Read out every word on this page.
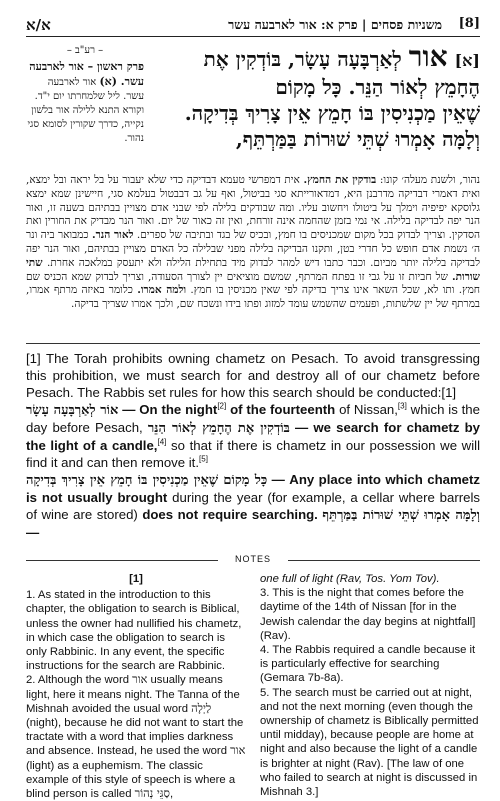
א/א	משניות פסחים | פרק א: אור לארבעה עשר [8]
– רע"ב –
פרק ראשון – אור לארבעה עשר. (א) אור לארבעה עשר. ליל שלמחרתו יום י"ד. וקורא התנא ללילה אור בלשון נקייה, כדרך שקורין לסומא סגי נהור.
[א] אור לְאַרְבָּעָה עָשָׂר, בּוֹדְקִין אֶת
הֶחָמֵץ לְאוֹר הַנֵּר. כָּל מָקוֹם
שֶׁאֵין מַכְנִיסִין בּוֹ חָמֵץ אֵין צָרִיךְ בְּדִיקָה.
וְלָמָּה אָמְרוּ שְׁתֵּי שׁוּרוֹת בַּמַּרְתֵּף,
נהור, ולשנת מעלה׳ קונו: בודקין את החמץ. אית דמפרשי טעמא דבדיקה כדי שלא יעבור על בל יראה ובל ימצא, ואית דאמרי דבדיקה מדרבנן היא, דמדאורייתא סגי בביטול, ואף על גב דבבטול בעלמא סגי, חיישינן שמא ימצא גלוסקא יפיפיה וימלך על ביטולו ויחשוב עליו. ומה שבודקים בלילה לפי שבני אדם מצויין בבתיהם בשעה זו, ואור הנר יפה לבדיקה בלילה. אי נמי בזמן שהחמה אינה זורחת, ואין זה כאור של יום. ואור הנר מבדיק את החורין ואת הסדקין. וצריך לבדוק בכל מקום שמכניסים בו חמץ, ובכיס של בגד ובתיבה של ספרים. לאור הנר. כמבואר ביה ונר ה׳ נשמת אדם חופש כל חדרי בטן, ותקנו הבדיקה בלילה מפני שבלילה כל האדם מצויין בבתיהם, ואור הנר יפה לבדיקה בלילה יותר מביום. וכבר כתבו דיש למהר לבדוק מיד בתחילת הלילה ולא יתעסק במלאכה אחרת. שתי שורות. של חביות זו על גבי זו בפתח המרתף, שמשם מוציאים יין לצורך הסעודה, וצריך לבדוק שמא הכניס שם חמץ. ותו לא, שכל השאר אינו צריך בדיקה לפי שאין מכניסין בו חמץ. ולמה אמרו. כלומר באיזה מרתף אמרו, במרתף של יין שלשתות, ופעמים שהשמש עומד למזוג ופתו בידו ונשכח שם, ולכך אמרו שצריך בדיקה.

[1] The Torah prohibits owning chametz on Pesach. To avoid transgressing this prohibition, we must search for and destroy all of our chametz before Pesach. The Rabbis set rules for how this search should be conducted:[1]

אוֹר לְאַרְבָּעָה עָשָׂר — On the night[2] of the fourteenth of Nissan,[3] which is the day before Pesach, בּוֹדְקִין אֶת הֶחָמֵץ לְאוֹר הַנֵּר — we search for chametz by the light of a candle,[4] so that if there is chametz in our possession we will find it and can then remove it.[5]

כָּל מָקוֹם שֶׁאֵין מַכְנִיסִין בּוֹ חָמֵץ אֵין צָרִיךְ בְּדִיקָה — Any place into which chametz is not usually brought during the year (for example, a cellar where barrels of wine are stored) does not require searching. וְלָמָּה אָמְרוּ שְׁתֵּי שׁוּרוֹת בַּמַּרְתֵּף —

NOTES

[1]

1. As stated in the introduction to this chapter, the obligation to search is Biblical, unless the owner had nullified his chametz, in which case the obligation to search is only Rabbinic. In any event, the specific instructions for the search are Rabbinic.

2. Although the word אור usually means light, here it means night. The Tanna of the Mishnah avoided the usual word לַיְלָה (night), because he did not want to start the tractate with a word that implies darkness and absence. Instead, he used the word אור (light) as a euphemism. The classic example of this style of speech is where a blind person is called סַגֵּי נְהוֹר,

one full of light (Rav, Tos. Yom Tov).

3. This is the night that comes before the daytime of the 14th of Nissan [for in the Jewish calendar the day begins at nightfall] (Rav).

4. The Rabbis required a candle because it is particularly effective for searching (Gemara 7b-8a).

5. The search must be carried out at night, and not the next morning (even though the ownership of chametz is Biblically permitted until midday), because people are home at night and also because the light of a candle is brighter at night (Rav). [The law of one who failed to search at night is discussed in Mishnah 3.]
